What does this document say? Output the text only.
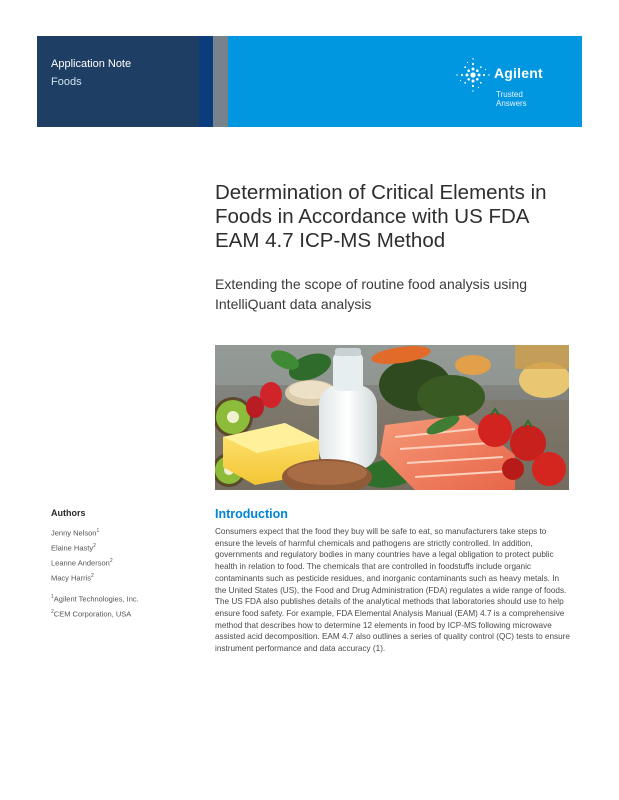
Application Note
Foods
Agilent
Trusted Answers
Determination of Critical Elements in Foods in Accordance with US FDA EAM 4.7 ICP-MS Method
Extending the scope of routine food analysis using IntelliQuant data analysis
Authors
Jenny Nelson$^1$
Elaine Hasty$^2$
Leanne Anderson$^2$
Macy Harris$^2$
$^1$Agilent Technologies, Inc.
$^2$CEM Corporation, USA
Introduction

Consumers expect that the food they buy will be safe to eat, so manufacturers take steps to ensure the levels of harmful chemicals and pathogens are strictly controlled. In addition, governments and regulatory bodies in many countries have a legal obligation to protect public health in relation to food. The chemicals that are controlled in foodstuffs include organic contaminants such as pesticide residues, and inorganic contaminants such as heavy metals. In the United States (US), the Food and Drug Administration (FDA) regulates a wide range of foods. The US FDA also publishes details of the analytical methods that laboratories should use to help ensure food safety. For example, FDA Elemental Analysis Manual (EAM) 4.7 is a comprehensive method that describes how to determine 12 elements in food by ICP-MS following microwave assisted acid decomposition. EAM 4.7 also outlines a series of quality control (QC) tests to ensure instrument performance and data accuracy (1).
